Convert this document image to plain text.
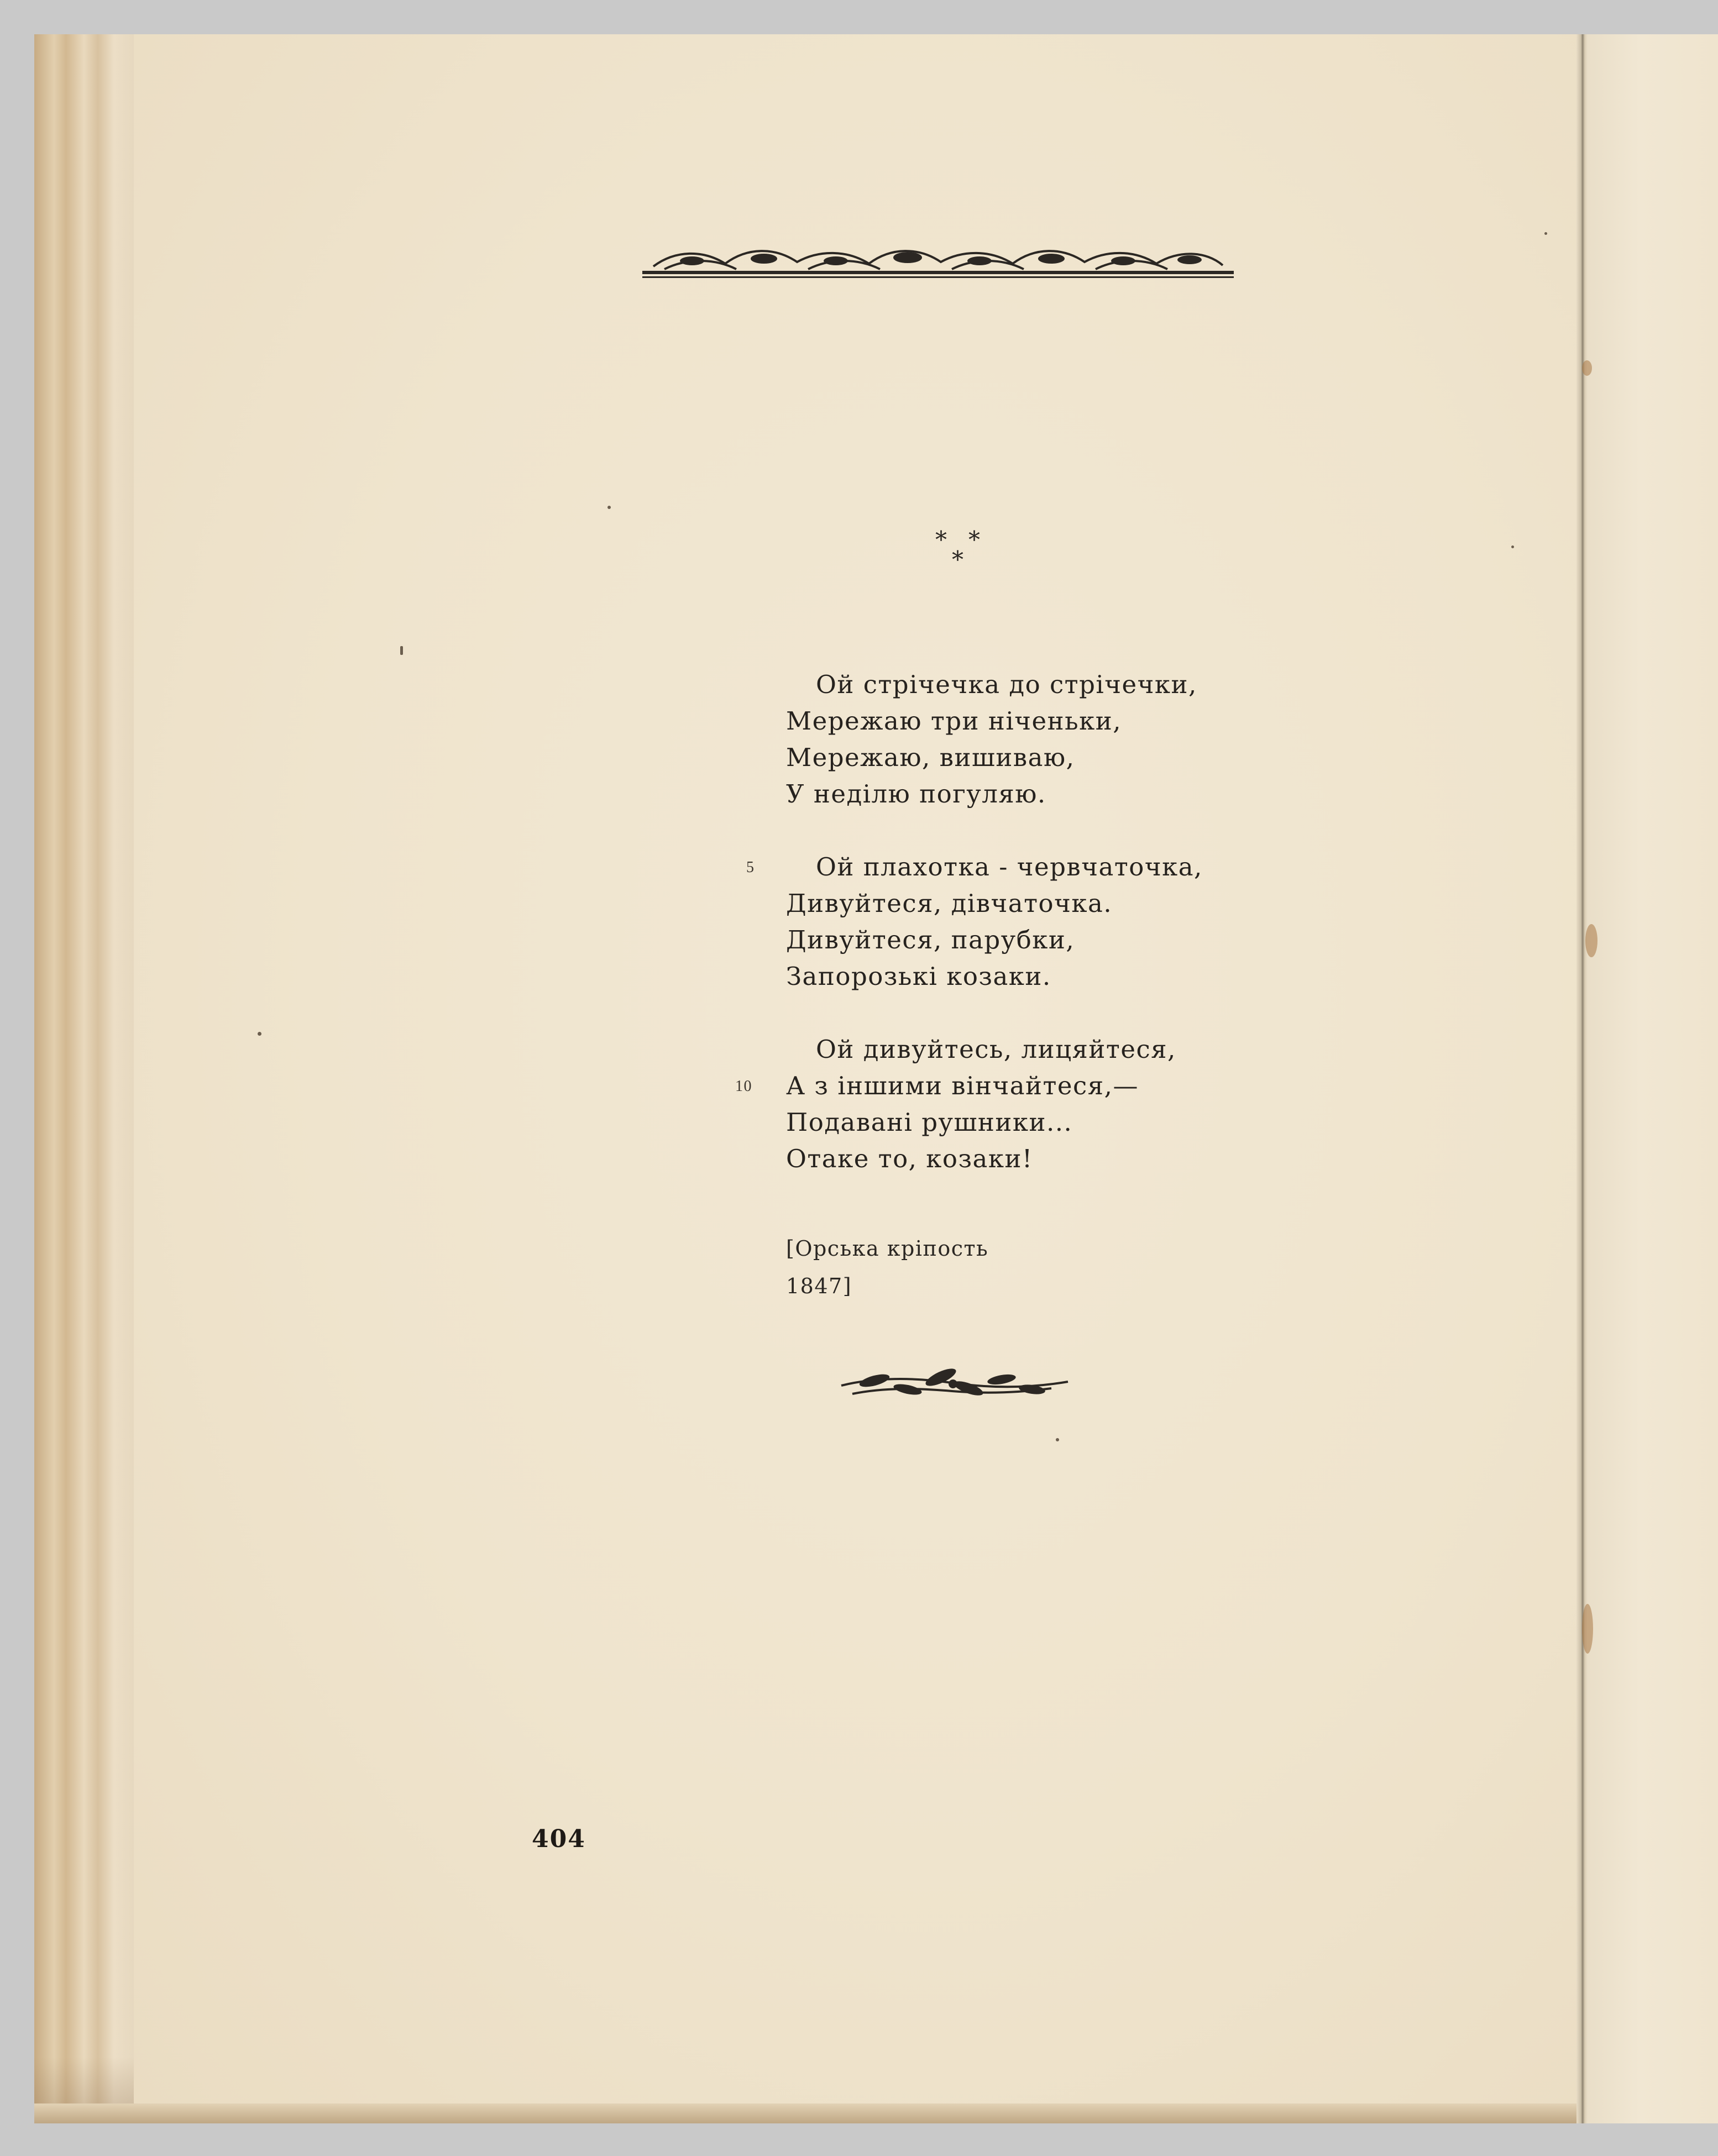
* *
*
Ой стрічечка до стрічечки,
Мережаю три ніченьки,
Мережаю, вишиваю,
У неділю погуляю.
5 Ой плахотка - червчаточка,
Дивуйтеся, дівчаточка.
Дивуйтеся, парубки,
Запорозькі козаки.
Ой дивуйтесь, лицяйтеся,
10 А з іншими вінчайтеся,—
Подавані рушники...
Отаке то, козаки!
[Орська кріпость
1847]
404
